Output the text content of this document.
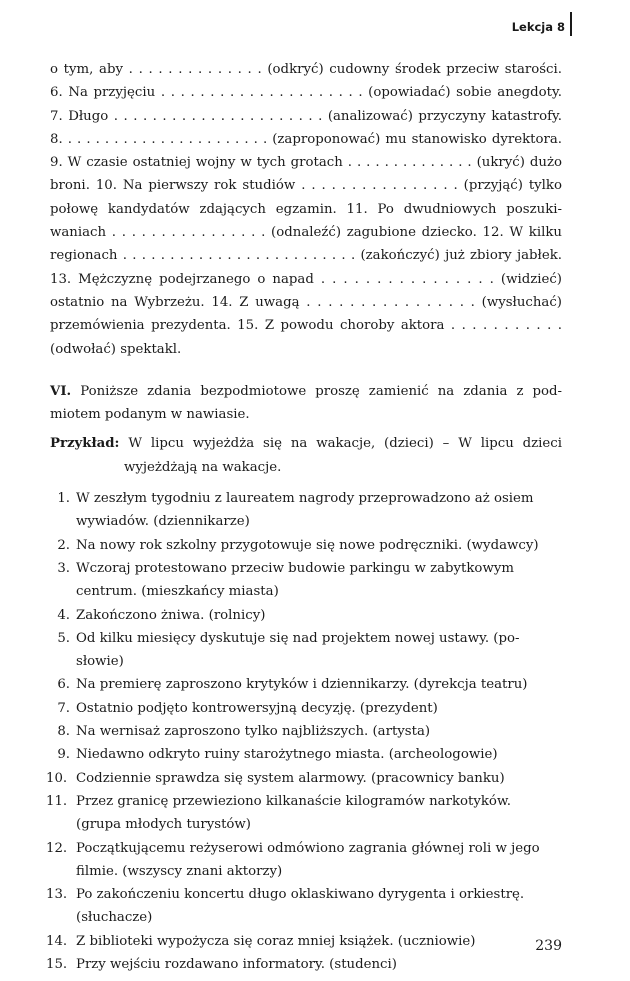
Lekcja 8

o tym, aby . . . . . . . . . . . . . . (odkryć) cudowny środek przeciw starości.

6. Na przyjęciu . . . . . . . . . . . . . . . . . . . . . (opowiadać) sobie anegdoty.

7. Długo . . . . . . . . . . . . . . . . . . . . . . (analizować) przyczyny katastrofy.

8. . . . . . . . . . . . . . . . . . . . . . . (zaproponować) mu stanowisko dyrektora.

9. W czasie ostatniej wojny w tych grotach . . . . . . . . . . . . . . (ukryć) dużo

broni. 10. Na pierwszy rok studiów . . . . . . . . . . . . . . . . (przyjąć) tylko

połowę kandydatów zdających egzamin. 11. Po dwudniowych poszuki-

waniach . . . . . . . . . . . . . . . . (odnaleźć) zagubione dziecko. 12. W kilku

regionach . . . . . . . . . . . . . . . . . . . . . . . . . (zakończyć) już zbiory jabłek.

13. Mężczyznę podejrzanego o napad . . . . . . . . . . . . . . . . (widzieć)

ostatnio na Wybrzeżu. 14. Z uwagą . . . . . . . . . . . . . . . . (wysłuchać)

przemówienia prezydenta. 15. Z powodu choroby aktora . . . . . . . . . . .

(odwołać) spektakl.

VI. Poniższe zdania bezpodmiotowe proszę zamienić na zdania z pod-

miotem podanym w nawiasie.

Przykład: W lipcu wyjeżdża się na wakacje, (dzieci) – W lipcu dzieci
wyjeżdżają na wakacje.
1. W zeszłym tygodniu z laureatem nagrody przeprowadzono aż osiem
wywiadów. (dziennikarze)
2. Na nowy rok szkolny przygotowuje się nowe podręczniki. (wydawcy)
3. Wczoraj protestowano przeciw budowie parkingu w zabytkowym
centrum. (mieszkańcy miasta)
4. Zakończono żniwa. (rolnicy)
5. Od kilku miesięcy dyskutuje się nad projektem nowej ustawy. (po-
słowie)
6. Na premierę zaproszono krytyków i dziennikarzy. (dyrekcja teatru)
7. Ostatnio podjęto kontrowersyjną decyzję. (prezydent)
8. Na wernisaż zaproszono tylko najbliższych. (artysta)
9. Niedawno odkryto ruiny starożytnego miasta. (archeologowie)
10. Codziennie sprawdza się system alarmowy. (pracownicy banku)
11. Przez granicę przewieziono kilkanaście kilogramów narkotyków.
(grupa młodych turystów)
12. Początkującemu reżyserowi odmówiono zagrania głównej roli w jego
filmie. (wszyscy znani aktorzy)
13. Po zakończeniu koncertu długo oklaskiwano dyrygenta i orkiestrę.
(słuchacze)
14. Z biblioteki wypożycza się coraz mniej książek. (uczniowie)
15. Przy wejściu rozdawano informatory. (studenci)
239
